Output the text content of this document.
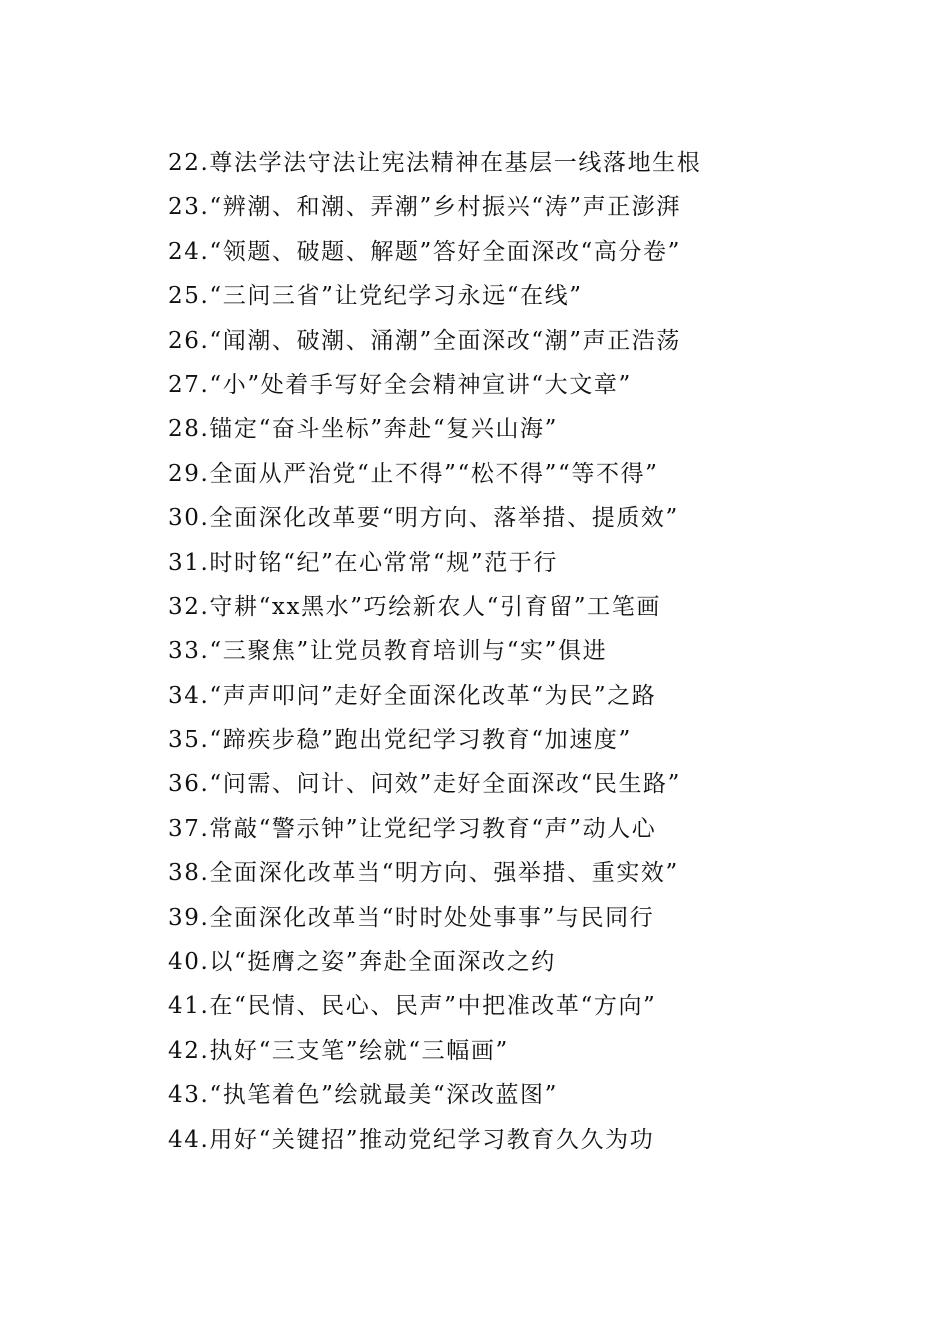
22.尊法学法守法让宪法精神在基层一线落地生根
23.“辨潮、和潮、弄潮”乡村振兴“涛”声正澎湃
24.“领题、破题、解题”答好全面深改“高分卷”
25.“三问三省”让党纪学习永远“在线”
26.“闻潮、破潮、涌潮”全面深改“潮”声正浩荡
27.“小”处着手写好全会精神宣讲“大文章”
28.锚定“奋斗坐标”奔赴“复兴山海”
29.全面从严治党“止不得”“松不得”“等不得”
30.全面深化改革要“明方向、落举措、提质效”
31.时时铭“纪”在心常常“规”范于行
32.守耕“xx黑水”巧绘新农人“引育留”工笔画
33.“三聚焦”让党员教育培训与“实”俱进
34.“声声叩问”走好全面深化改革“为民”之路
35.“蹄疾步稳”跑出党纪学习教育“加速度”
36.“问需、问计、问效”走好全面深改“民生路”
37.常敲“警示钟”让党纪学习教育“声”动人心
38.全面深化改革当“明方向、强举措、重实效”
39.全面深化改革当“时时处处事事”与民同行
40.以“挺膺之姿”奔赴全面深改之约
41.在“民情、民心、民声”中把准改革“方向”
42.执好“三支笔”绘就“三幅画”
43.“执笔着色”绘就最美“深改蓝图”
44.用好“关键招”推动党纪学习教育久久为功
